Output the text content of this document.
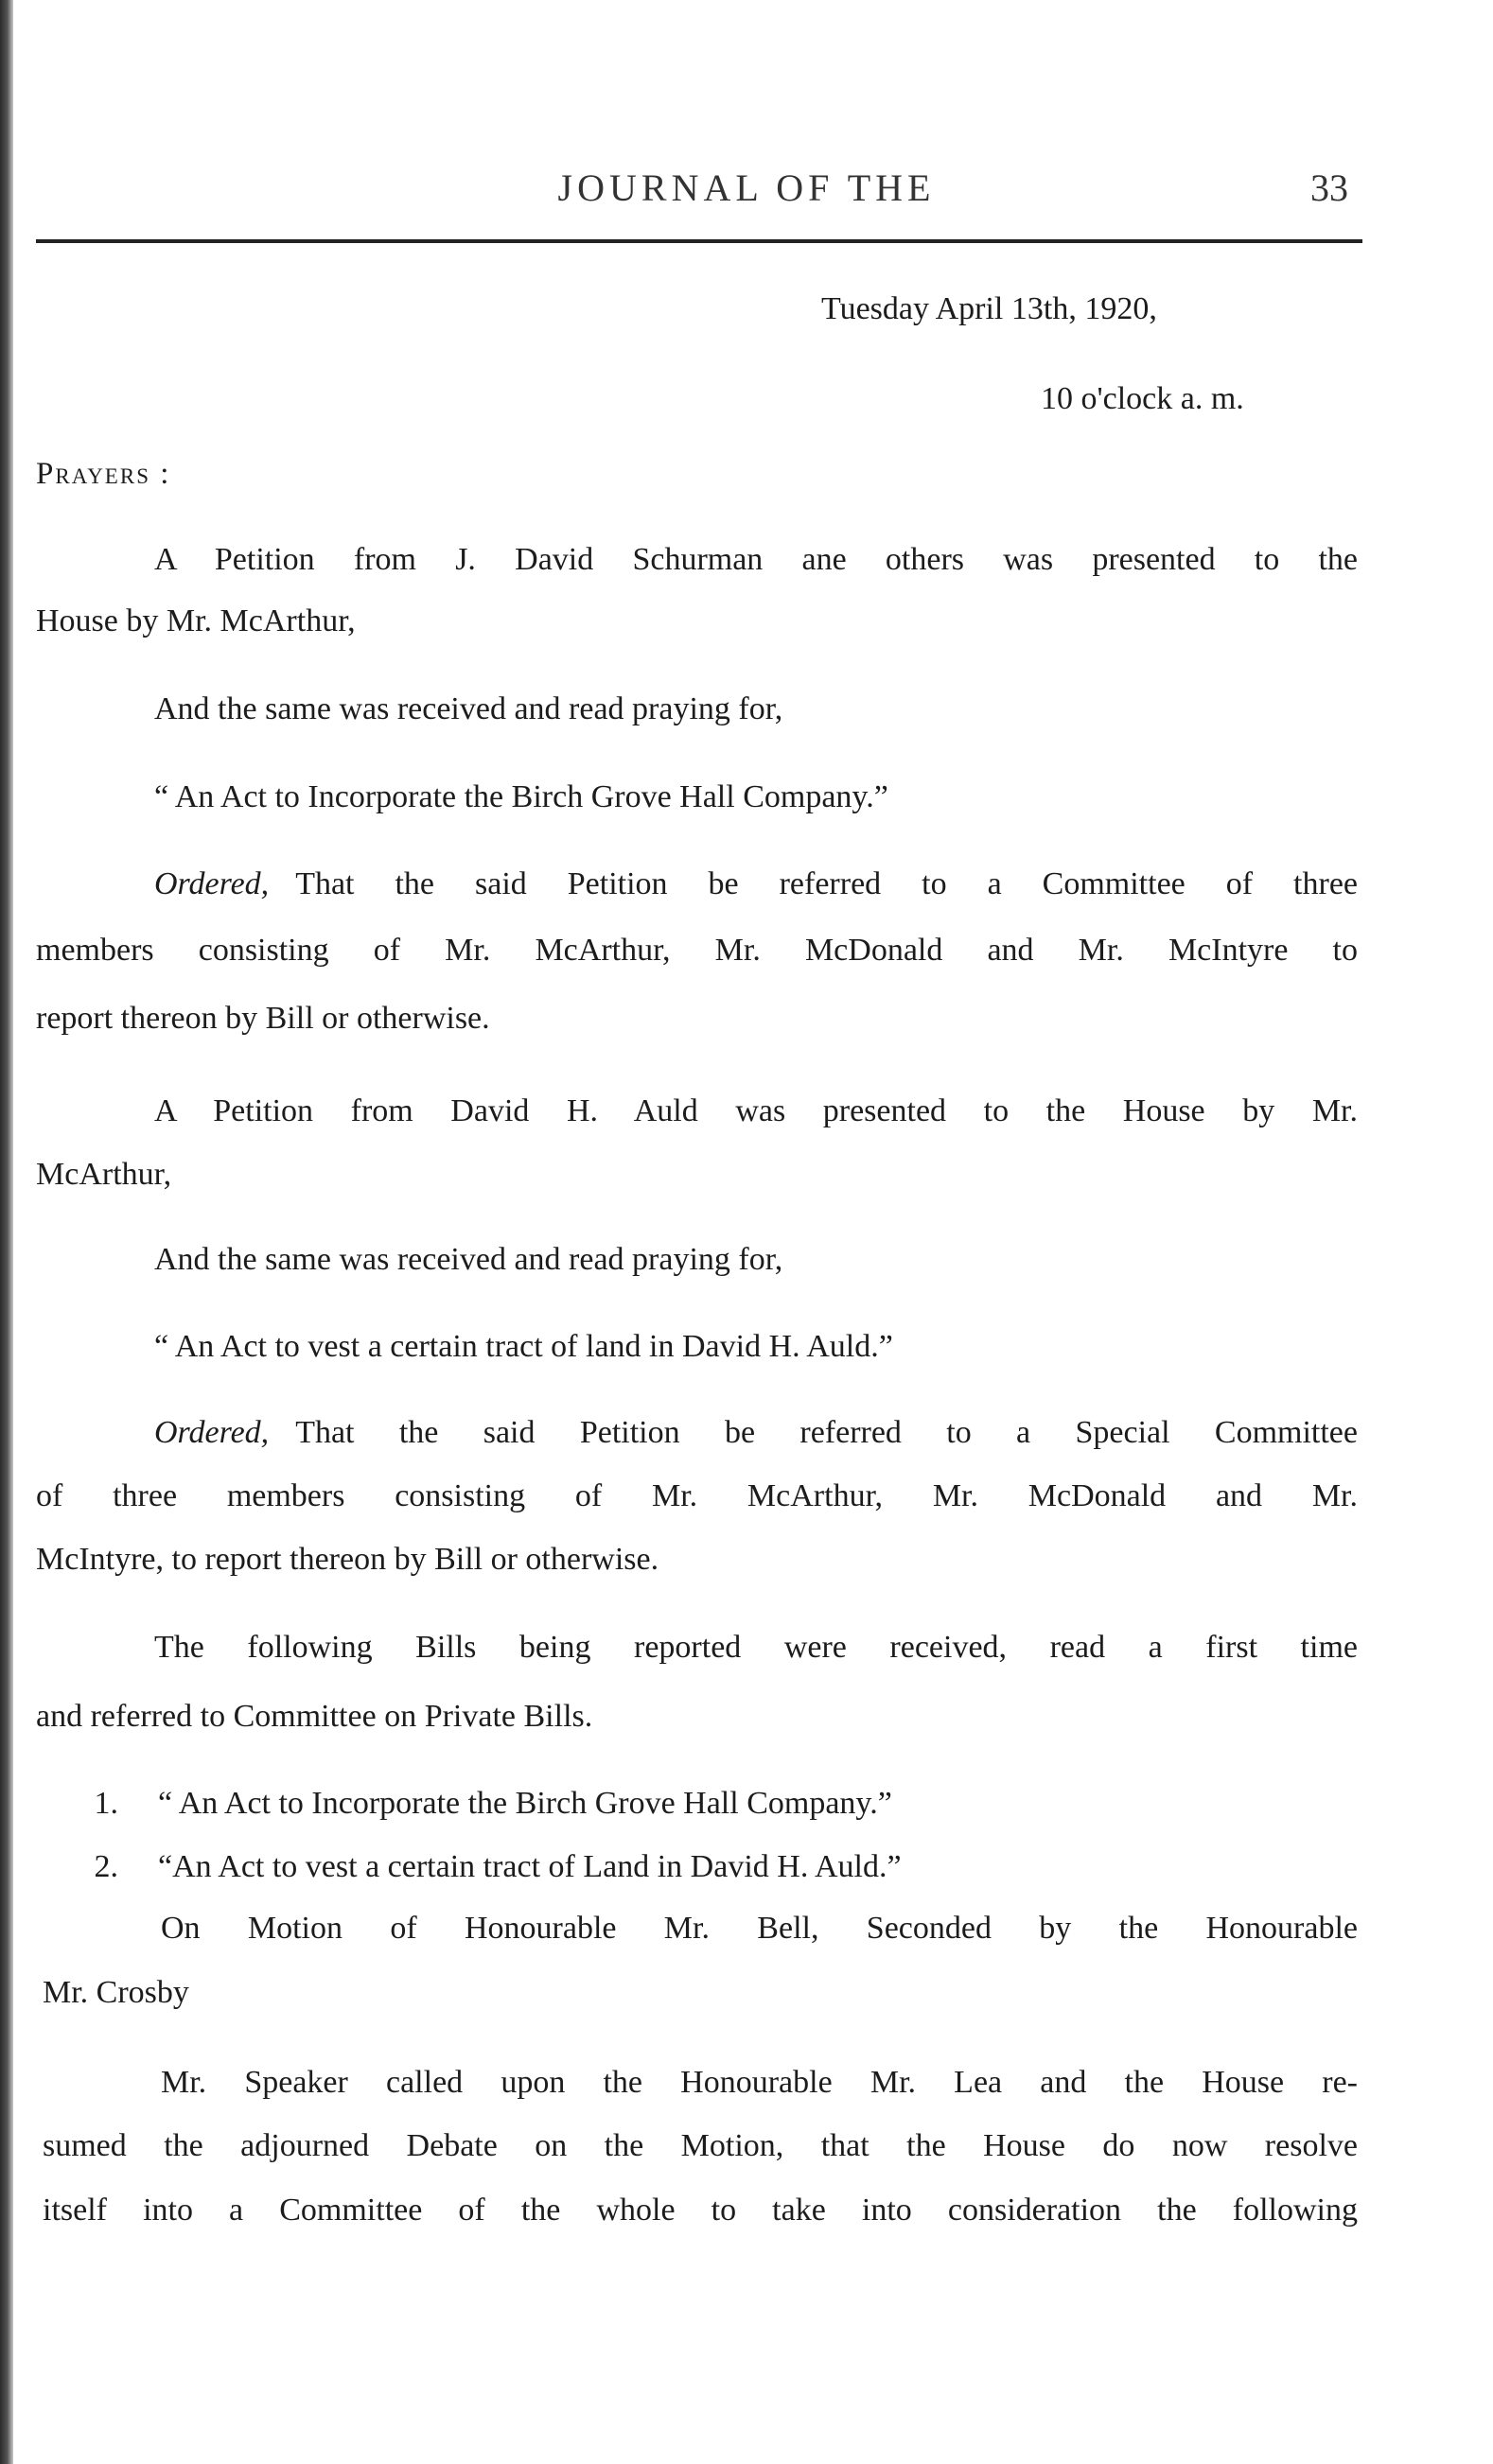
JOURNAL OF THE	33
Tuesday April 13th, 1920,
10 o'clock a. m.
Prayers :
A Petition from J. David Schurman ane others was presented to the
House by Mr. McArthur,
And the same was received and read praying for,
“ An Act to Incorporate the Birch Grove Hall Company.”
Ordered, That the said Petition be referred to a Committee of three
members consisting of Mr. McArthur, Mr. McDonald and Mr. McIntyre to
report thereon by Bill or otherwise.
A Petition from David H. Auld was presented to the House by Mr.
McArthur,
And the same was received and read praying for,
“ An Act to vest a certain tract of land in David H. Auld.”
Ordered, That the said Petition be referred to a Special Committee
of three members consisting of Mr. McArthur, Mr. McDonald and Mr.
McIntyre, to report thereon by Bill or otherwise.
The following Bills being reported were received, read a first time
and referred to Committee on Private Bills.
1. “ An Act to Incorporate the Birch Grove Hall Company.”
2. “An Act to vest a certain tract of Land in David H. Auld.”
On Motion of Honourable Mr. Bell, Seconded by the Honourable
Mr. Crosby
Mr. Speaker called upon the Honourable Mr. Lea and the House re-
sumed the adjourned Debate on the Motion, that the House do now resolve
itself into a Committee of the whole to take into consideration the following
